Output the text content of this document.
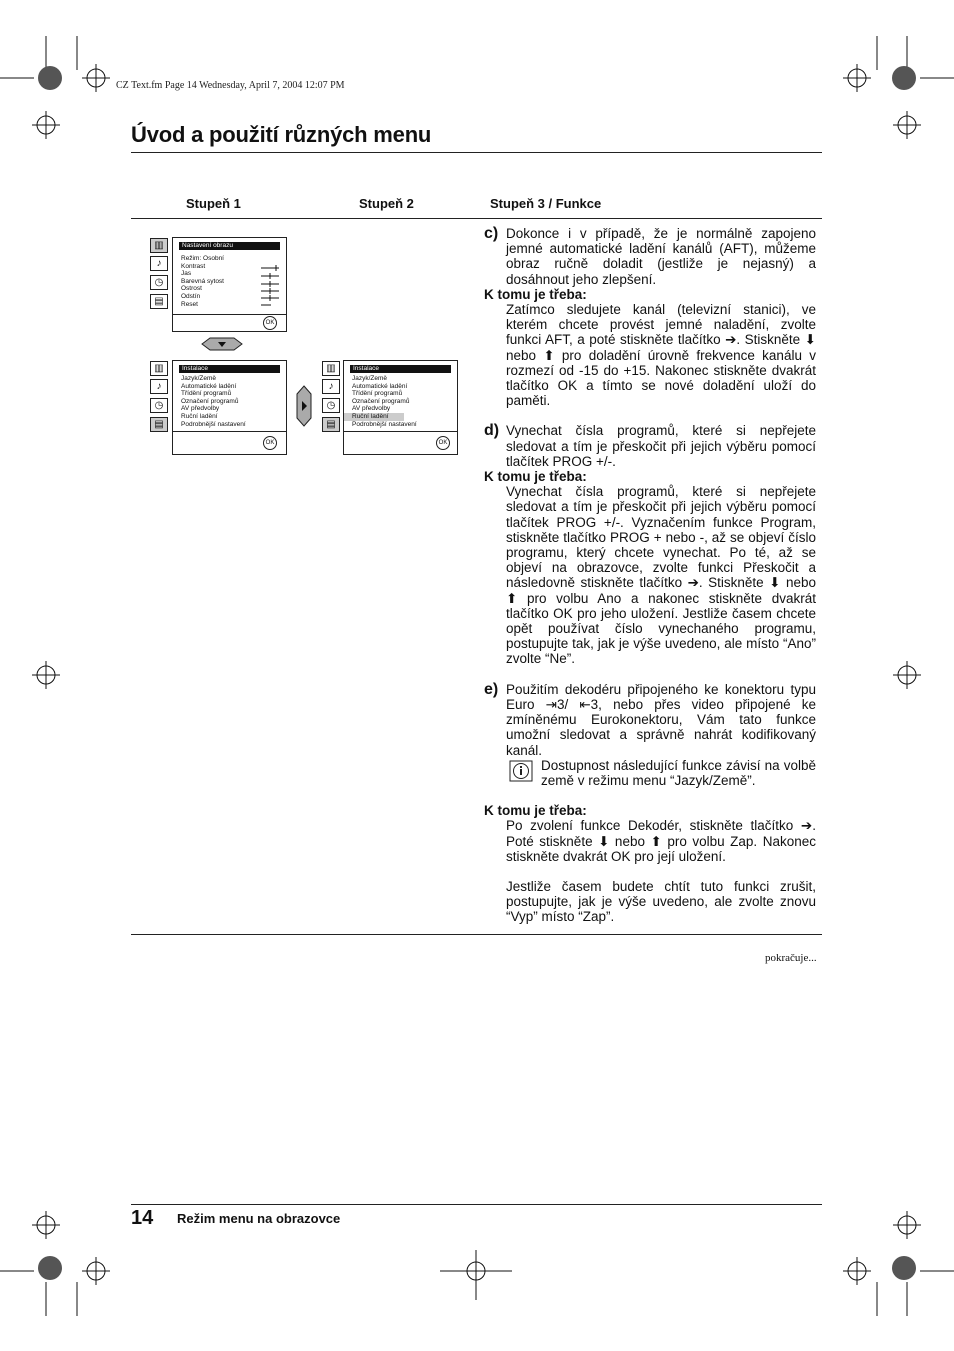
CZ Text.fm Page 14 Wednesday, April 7, 2004 12:07 PM
Úvod a použití různých menu
Stupeň 1	Stupeň 2	Stupeň 3 / Funkce
▥
♪
◷
▤
Nastavení obrazu
Režim: Osobní
Kontrast
Jas
Barevná sytost
Ostrost
Odstín
Reset
OK
▥
♪
◷
▤
Instalace
Jazyk/Země
Automatické ladění
Třídění programů
Označení programů
AV předvolby
Ruční ladění
Podrobnější nastavení
OK
▥
♪
◷
▤
Instalace
Jazyk/Země
Automatické ladění
Třídění programů
Označení programů
AV předvolby
Ruční ladění
Podrobnější nastavení
OK
c) Dokonce i v případě, že je normálně zapojeno jemné automatické ladění kanálů (AFT), můžeme obraz ručně doladit (jestliže je nejasný) a dosáhnout jeho zlepšení.

K tomu je třeba:

Zatímco sledujete kanál (televizní stanici), ve kterém chcete provést jemné naladění, zvolte funkci AFT, a poté stiskněte tlačítko ➔. Stiskněte ⬇ nebo ⬆ pro doladění úrovně frekvence kanálu v rozmezí od -15 do +15. Nakonec stiskněte dvakrát tlačítko OK a tímto se nové doladění uloží do paměti.

d) Vynechat čísla programů, které si nepřejete sledovat a tím je přeskočit při jejich výběru pomocí tlačítek PROG +/-.

K tomu je třeba:

Vynechat čísla programů, které si nepřejete sledovat a tím je přeskočit při jejich výběru pomocí tlačítek PROG +/-. Vyznačením funkce Program, stiskněte tlačítko PROG + nebo -, až se objeví číslo programu, který chcete vynechat. Po té, až se objeví na obrazovce, zvolte funkci Přeskočit a následovně stiskněte tlačítko ➔. Stiskněte ⬇ nebo ⬆ pro volbu Ano a nakonec stiskněte dvakrát tlačítko OK pro jeho uložení. Jestliže časem chcete opět používat číslo vynechaného programu, postupujte tak, jak je výše uvedeno, ale místo “Ano” zvolte “Ne”.

e) Použitím dekodéru připojeného ke konektoru typu Euro ⇥3/ ⇤3, nebo přes video připojené ke zmíněnému Eurokonektoru, Vám tato funkce umožní sledovat a správně nahrát kodifikovaný kanál.

Dostupnost následující funkce závisí na volbě země v režimu menu “Jazyk/Země”.

K tomu je třeba:

Po zvolení funkce Dekodér, stiskněte tlačítko ➔. Poté stiskněte ⬇ nebo ⬆ pro volbu Zap. Nakonec stiskněte dvakrát OK pro její uložení.

Jestliže časem budete chtít tuto funkci zrušit, postupujte, jak je výše uvedeno, ale zvolte znovu “Vyp” místo “Zap”.

pokračuje...
14 Režim menu na obrazovce
